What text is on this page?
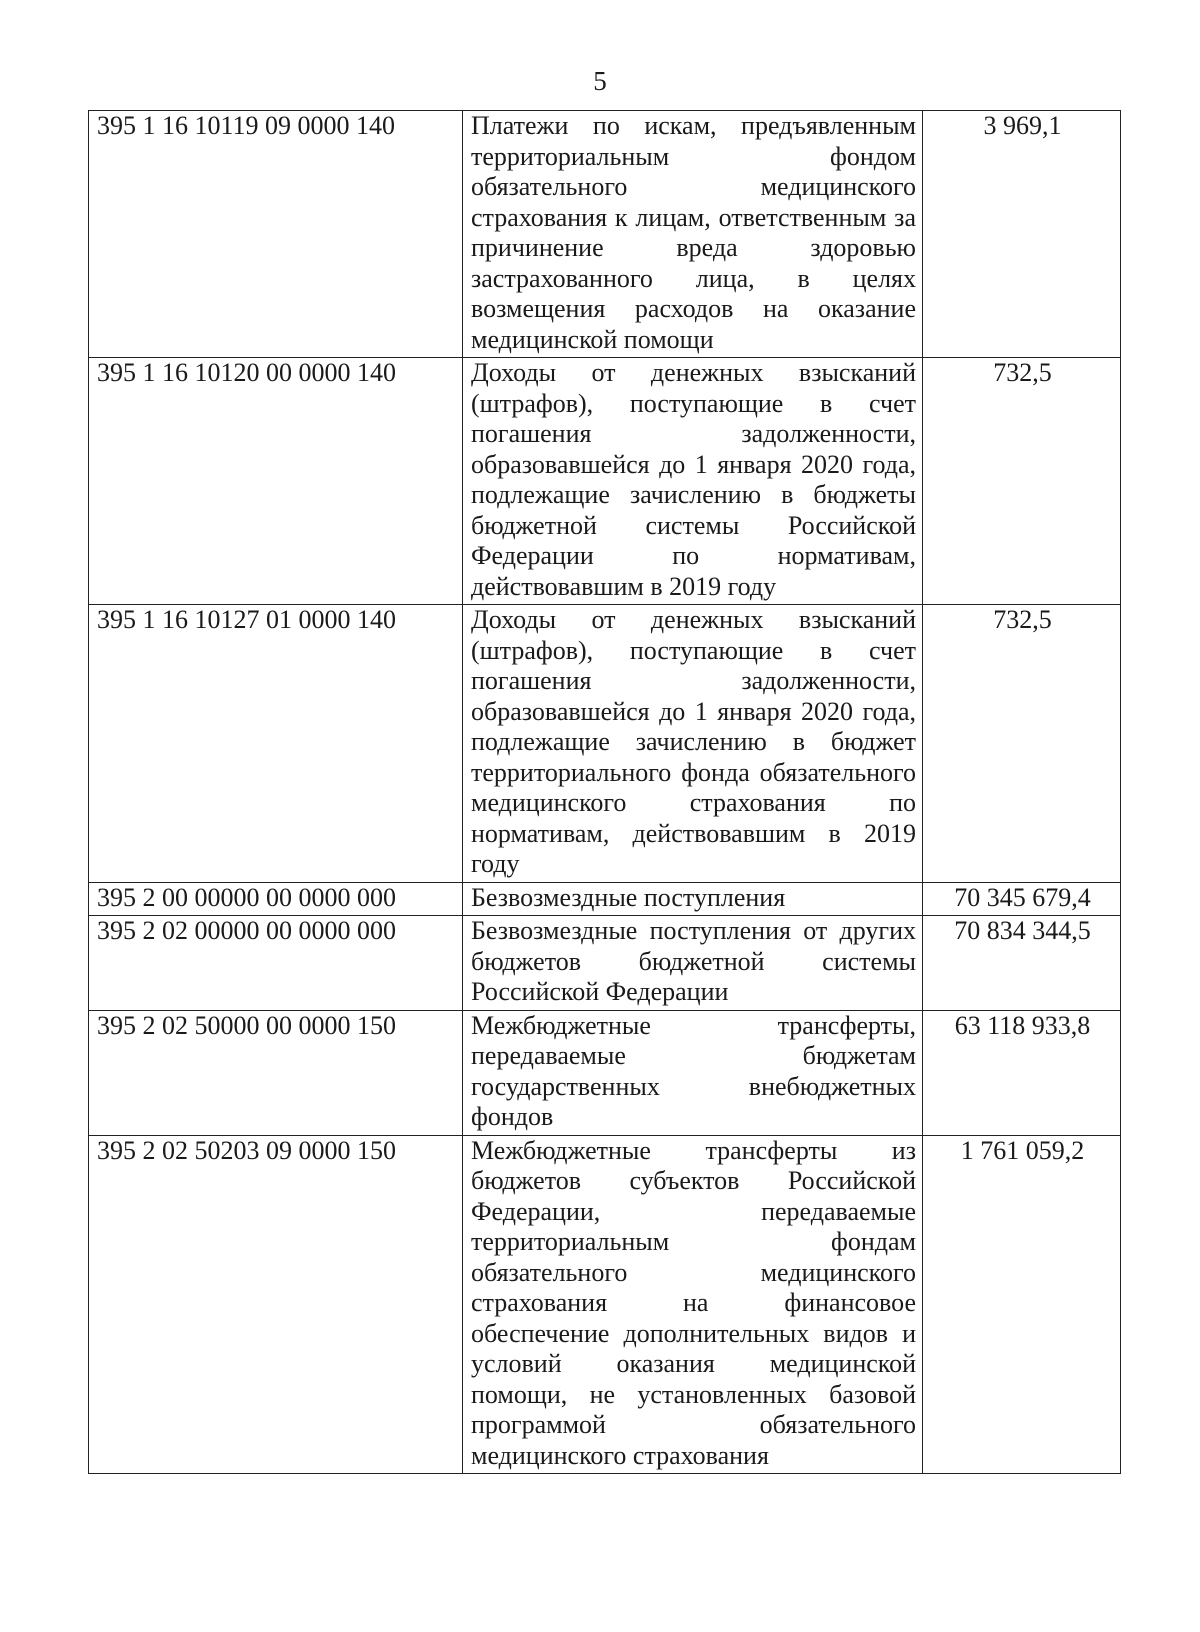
5
395 1 16 10119 09 0000 140	Платежи по искам, предъявленным территориальным фондом обязательного медицинского страхования к лицам, ответственным за причинение вреда здоровью застрахованного лица, в целях возмещения расходов на оказание медицинской помощи	3 969,1
395 1 16 10120 00 0000 140	Доходы от денежных взысканий (штрафов), поступающие в счет погашения задолженности, образовавшейся до 1 января 2020 года, подлежащие зачислению в бюджеты бюджетной системы Российской Федерации по нормативам, действовавшим в 2019 году	732,5
395 1 16 10127 01 0000 140	Доходы от денежных взысканий (штрафов), поступающие в счет погашения задолженности, образовавшейся до 1 января 2020 года, подлежащие зачислению в бюджет территориального фонда обязательного медицинского страхования по нормативам, действовавшим в 2019 году	732,5
395 2 00 00000 00 0000 000	Безвозмездные поступления	70 345 679,4
395 2 02 00000 00 0000 000	Безвозмездные поступления от других бюджетов бюджетной системы Российской Федерации	70 834 344,5
395 2 02 50000 00 0000 150	Межбюджетные трансферты, передаваемые бюджетам государственных внебюджетных фондов	63 118 933,8
395 2 02 50203 09 0000 150	Межбюджетные трансферты из бюджетов субъектов Российской Федерации, передаваемые территориальным фондам обязательного медицинского страхования на финансовое обеспечение дополнительных видов и условий оказания медицинской помощи, не установленных базовой программой обязательного медицинского страхования	1 761 059,2
